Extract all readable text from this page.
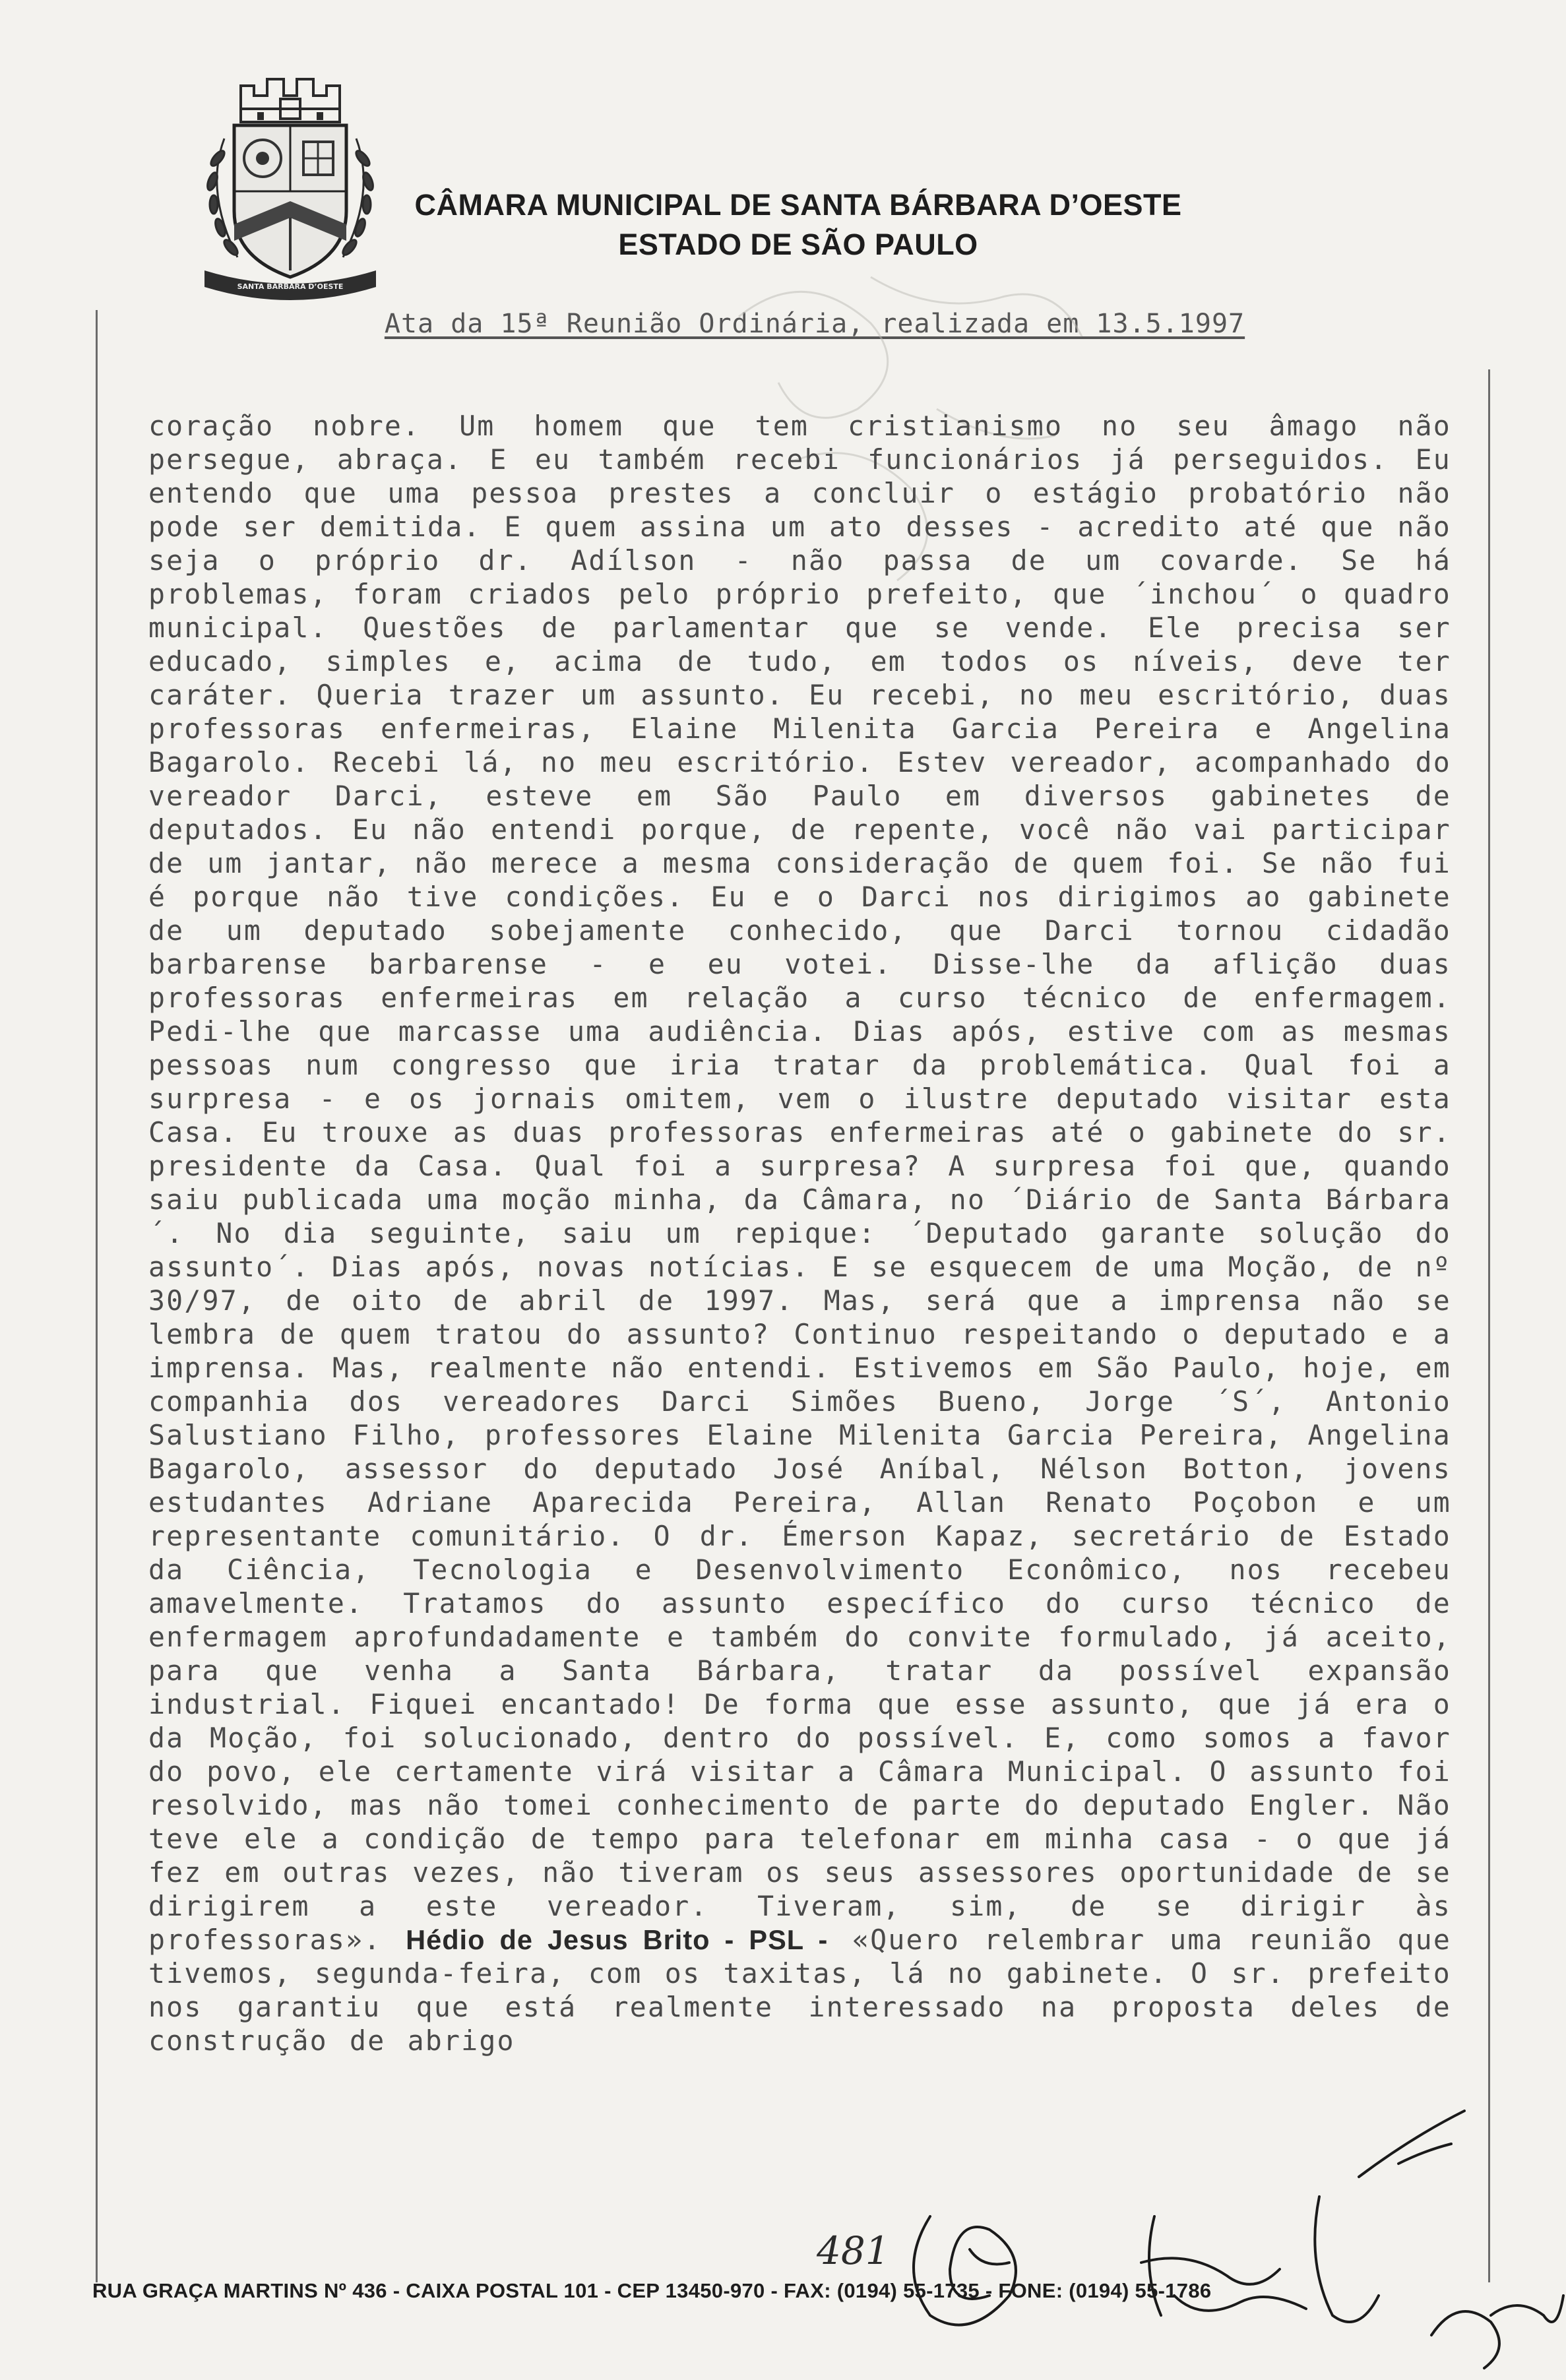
SANTA BÁRBARA D’OESTE
CÂMARA MUNICIPAL DE SANTA BÁRBARA D’OESTE
ESTADO DE SÃO PAULO
Ata da 15ª Reunião Ordinária, realizada em 13.5.1997
coração nobre. Um homem que tem cristianismo no seu âmago não persegue, abraça. E eu também recebi funcionários já perseguidos. Eu entendo que uma pessoa prestes a concluir o estágio probatório não pode ser demitida. E quem assina um ato desses - acredito até que não seja o próprio dr. Adílson - não passa de um covarde. Se há problemas, foram criados pelo próprio prefeito, que ´inchou´ o quadro municipal. Questões de parlamentar que se vende. Ele precisa ser educado, simples e, acima de tudo, em todos os níveis, deve ter caráter. Queria trazer um assunto. Eu recebi, no meu escritório, duas professoras enfermeiras, Elaine Milenita Garcia Pereira e Angelina Bagarolo. Recebi lá, no meu escritório. Estev vereador, acompanhado do vereador Darci, esteve em São Paulo em diversos gabinetes de deputados. Eu não entendi porque, de repente, você não vai participar de um jantar, não merece a mesma consideração de quem foi. Se não fui é porque não tive condições. Eu e o Darci nos dirigimos ao gabinete de um deputado sobejamente conhecido, que Darci tornou cidadão barbarense barbarense - e eu votei. Disse-lhe da aflição duas professoras enfermeiras em relação a curso técnico de enfermagem. Pedi-lhe que marcasse uma audiência. Dias após, estive com as mesmas pessoas num congresso que iria tratar da problemática. Qual foi a surpresa - e os jornais omitem, vem o ilustre deputado visitar esta Casa. Eu trouxe as duas professoras enfermeiras até o gabinete do sr. presidente da Casa. Qual foi a surpresa? A surpresa foi que, quando saiu publicada uma moção minha, da Câmara, no ´Diário de Santa Bárbara´. No dia seguinte, saiu um repique: ´Deputado garante solução do assunto´. Dias após, novas notícias. E se esquecem de uma Moção, de nº 30/97, de oito de abril de 1997. Mas, será que a imprensa não se lembra de quem tratou do assunto? Continuo respeitando o deputado e a imprensa. Mas, realmente não entendi. Estivemos em São Paulo, hoje, em companhia dos vereadores Darci Simões Bueno, Jorge ´S´, Antonio Salustiano Filho, professores Elaine Milenita Garcia Pereira, Angelina Bagarolo, assessor do deputado José Aníbal, Nélson Botton, jovens estudantes Adriane Aparecida Pereira, Allan Renato Poçobon e um representante comunitário. O dr. Émerson Kapaz, secretário de Estado da Ciência, Tecnologia e Desenvolvimento Econômico, nos recebeu amavelmente. Tratamos do assunto específico do curso técnico de enfermagem aprofundadamente e também do convite formulado, já aceito, para que venha a Santa Bárbara, tratar da possível expansão industrial. Fiquei encantado! De forma que esse assunto, que já era o da Moção, foi solucionado, dentro do possível. E, como somos a favor do povo, ele certamente virá visitar a Câmara Municipal. O assunto foi resolvido, mas não tomei conhecimento de parte do deputado Engler. Não teve ele a condição de tempo para telefonar em minha casa - o que já fez em outras vezes, não tiveram os seus assessores oportunidade de se dirigirem a este vereador. Tiveram, sim, de se dirigir às professoras». Hédio de Jesus Brito - PSL - «Quero relembrar uma reunião que tivemos, segunda-feira, com os taxitas, lá no gabinete. O sr. prefeito nos garantiu que está realmente interessado na proposta deles de construção de abrigo
481
RUA GRAÇA MARTINS Nº 436 - CAIXA POSTAL 101 - CEP 13450-970 - FAX: (0194) 55-1735 - FONE: (0194) 55-1786
